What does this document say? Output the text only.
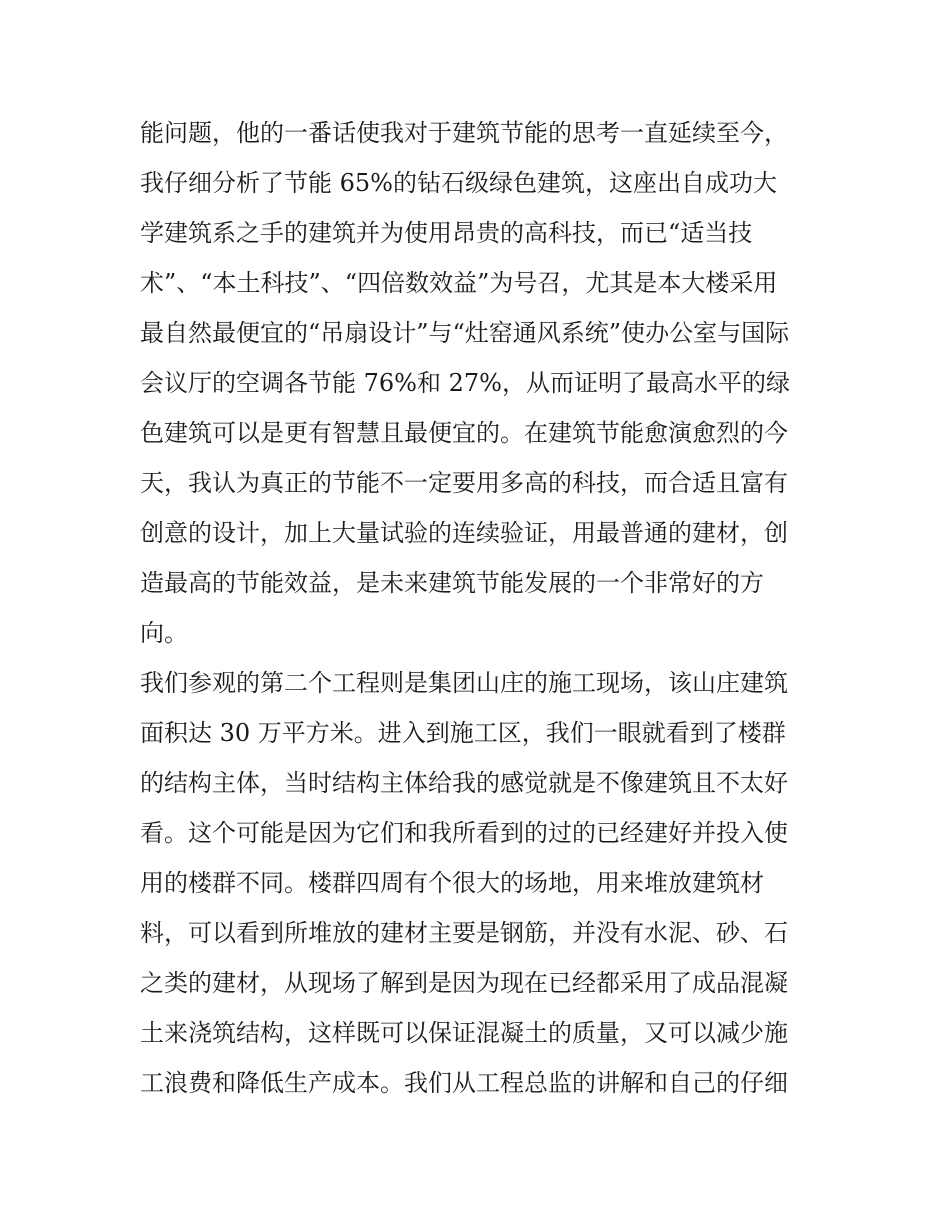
能问题，他的一番话使我对于建筑节能的思考一直延续至今，
我仔细分析了节能 65%的钻石级绿色建筑，这座出自成功大
学建筑系之手的建筑并为使用昂贵的高科技，而已“适当技
术”、“本土科技”、“四倍数效益”为号召，尤其是本大楼采用
最自然最便宜的“吊扇设计”与“灶窑通风系统”使办公室与国际
会议厅的空调各节能 76%和 27%，从而证明了最高水平的绿
色建筑可以是更有智慧且最便宜的。在建筑节能愈演愈烈的今
天，我认为真正的节能不一定要用多高的科技，而合适且富有
创意的设计，加上大量试验的连续验证，用最普通的建材，创
造最高的节能效益，是未来建筑节能发展的一个非常好的方
向。
我们参观的第二个工程则是集团山庄的施工现场，该山庄建筑
面积达 30 万平方米。进入到施工区，我们一眼就看到了楼群
的结构主体，当时结构主体给我的感觉就是不像建筑且不太好
看。这个可能是因为它们和我所看到的过的已经建好并投入使
用的楼群不同。楼群四周有个很大的场地，用来堆放建筑材
料，可以看到所堆放的建材主要是钢筋，并没有水泥、砂、石
之类的建材，从现场了解到是因为现在已经都采用了成品混凝
土来浇筑结构，这样既可以保证混凝土的质量，又可以减少施
工浪费和降低生产成本。我们从工程总监的讲解和自己的仔细
